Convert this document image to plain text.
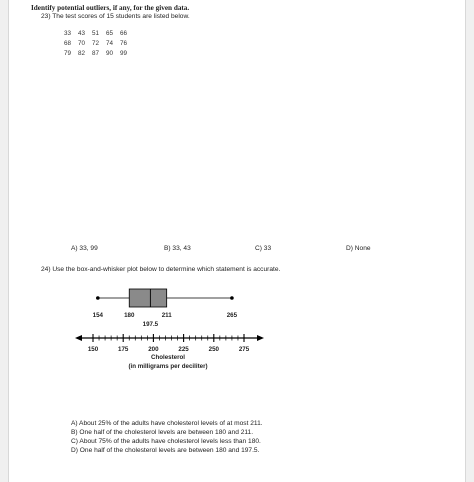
Identify potential outliers, if any, for the given data.
23) The test scores of 15 students are listed below.
33 43 51 65 66
68 70 72 74 76
79 82 87 90 99
A) 33, 99	B) 33, 43	C) 33	D) None
24) Use the box-and-whisker plot below to determine which statement is accurate.
154	180
197.5
211	265
150	175	200	225	250	275
Cholesterol
(in milligrams per deciliter)
A) About 25% of the adults have cholesterol levels of at most 211.
B) One half of the cholesterol levels are between 180 and 211.
C) About 75% of the adults have cholesterol levels less than 180.
D) One half of the cholesterol levels are between 180 and 197.5.
